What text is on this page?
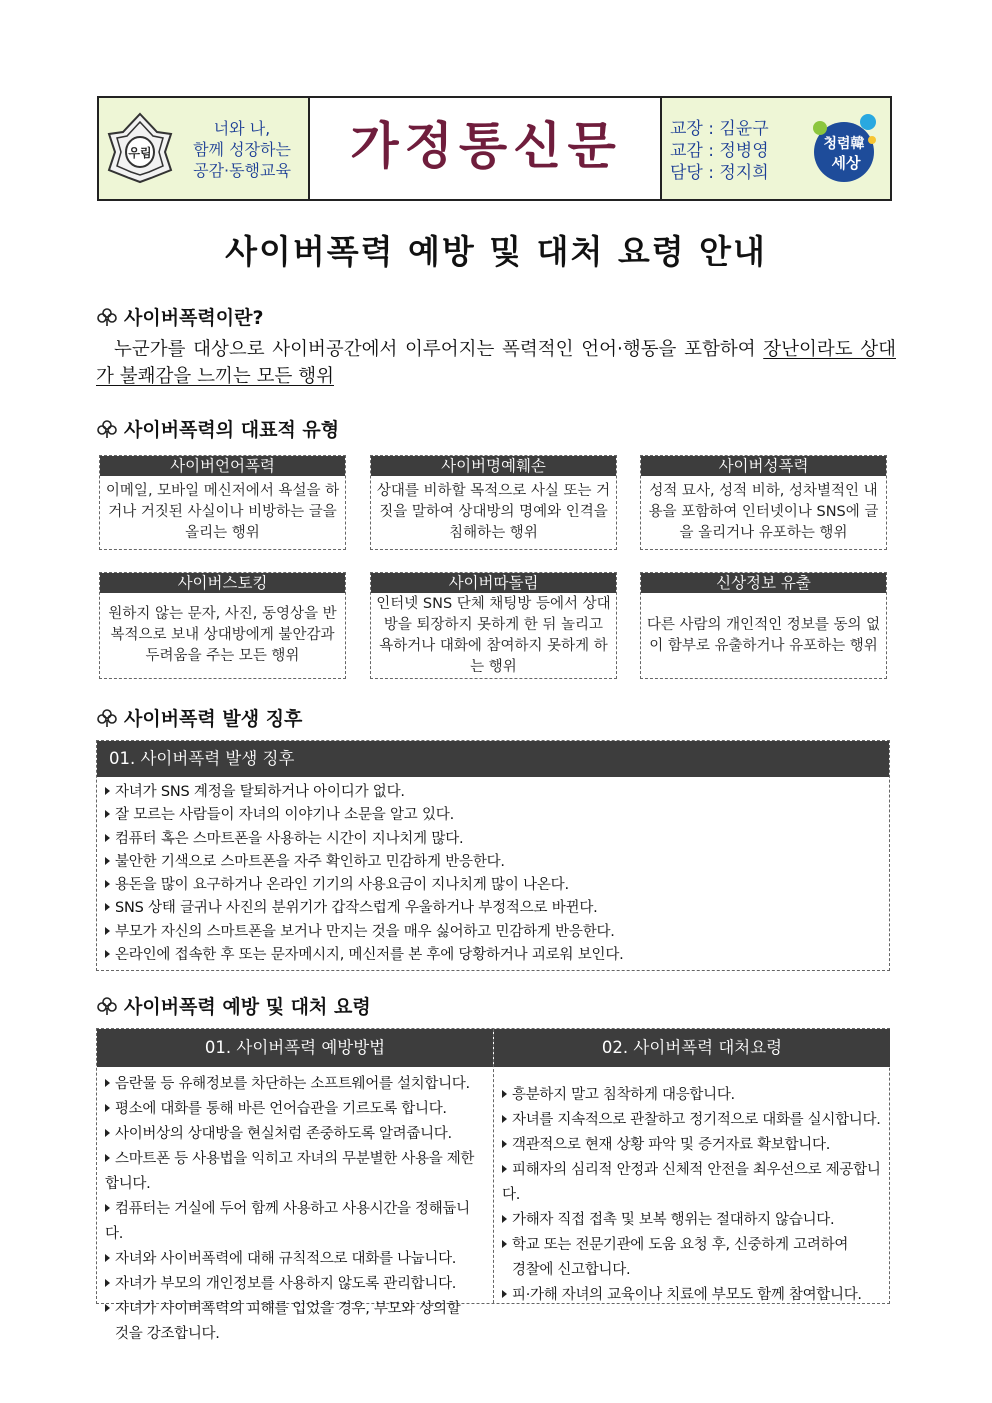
우림
너와 나,
함께 성장하는
공감·동행교육	가정통신문	교장 : 김윤구
교감 : 정병영
담당 : 정지희
청렴韓
세상
사이버폭력 예방 및 대처 요령 안내
사이버폭력이란?
누군가를 대상으로 사이버공간에서 이루어지는 폭력적인 언어·행동을 포함하여 장난이라도 상대가 불쾌감을 느끼는 모든 행위
사이버폭력의 대표적 유형
사이버언어폭력
이메일, 모바일 메신저에서 욕설을 하거나 거짓된 사실이나 비방하는 글을 올리는 행위
사이버명예훼손
상대를 비하할 목적으로 사실 또는 거짓을 말하여 상대방의 명예와 인격을 침해하는 행위
사이버성폭력
성적 묘사, 성적 비하, 성차별적인 내용을 포함하여 인터넷이나 SNS에 글을 올리거나 유포하는 행위
사이버스토킹
원하지 않는 문자, 사진, 동영상을 반복적으로 보내 상대방에게 불안감과 두려움을 주는 모든 행위
사이버따돌림
인터넷 SNS 단체 채팅방 등에서 상대방을 퇴장하지 못하게 한 뒤 놀리고 욕하거나 대화에 참여하지 못하게 하는 행위
신상정보 유출
다른 사람의 개인적인 정보를 동의 없이 함부로 유출하거나 유포하는 행위
사이버폭력 발생 징후
01. 사이버폭력 발생 징후
자녀가 SNS 계정을 탈퇴하거나 아이디가 없다.
잘 모르는 사람들이 자녀의 이야기나 소문을 알고 있다.
컴퓨터 혹은 스마트폰을 사용하는 시간이 지나치게 많다.
불안한 기색으로 스마트폰을 자주 확인하고 민감하게 반응한다.
용돈을 많이 요구하거나 온라인 기기의 사용요금이 지나치게 많이 나온다.
SNS 상태 글귀나 사진의 분위기가 갑작스럽게 우울하거나 부정적으로 바뀐다.
부모가 자신의 스마트폰을 보거나 만지는 것을 매우 싫어하고 민감하게 반응한다.
온라인에 접속한 후 또는 문자메시지, 메신저를 본 후에 당황하거나 괴로워 보인다.
사이버폭력 예방 및 대처 요령
01. 사이버폭력 예방방법
음란물 등 유해정보를 차단하는 소프트웨어를 설치합니다.
평소에 대화를 통해 바른 언어습관을 기르도록 합니다.
사이버상의 상대방을 현실처럼 존중하도록 알려줍니다.
스마트폰 등 사용법을 익히고 자녀의 무분별한 사용을 제한합니다.
컴퓨터는 거실에 두어 함께 사용하고 사용시간을 정해둡니다.
자녀와 사이버폭력에 대해 규칙적으로 대화를 나눕니다.
자녀가 부모의 개인정보를 사용하지 않도록 관리합니다.
자녀가 사이버폭력의 피해를 입었을 경우, 부모와 상의할
것을 강조합니다.
02. 사이버폭력 대처요령
흥분하지 말고 침착하게 대응합니다.
자녀를 지속적으로 관찰하고 정기적으로 대화를 실시합니다.
객관적으로 현재 상황 파악 및 증거자료 확보합니다.
피해자의 심리적 안정과 신체적 안전을 최우선으로 제공합니다.
가해자 직접 접촉 및 보복 행위는 절대하지 않습니다.
학교 또는 전문기관에 도움 요청 후, 신중하게 고려하여
경찰에 신고합니다.
피·가해 자녀의 교육이나 치료에 부모도 함께 참여합니다.
